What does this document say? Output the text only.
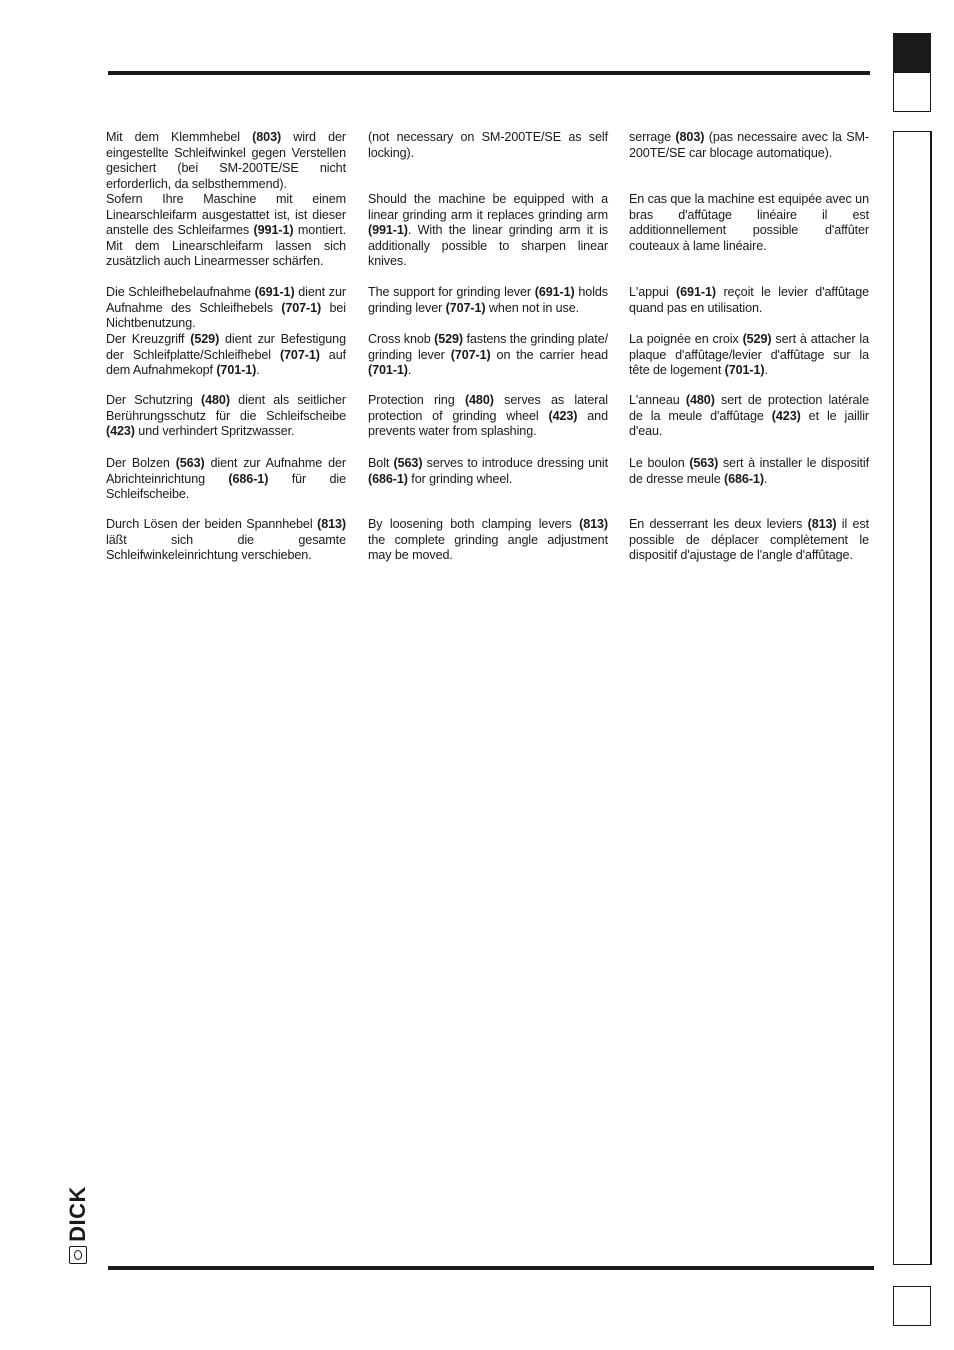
Mit dem Klemmhebel (803) wird der eingestellte Schleifwinkel gegen Verstellen gesichert (bei SM-200TE/SE nicht erforderlich, da selbsthemmend).

Sofern Ihre Maschine mit einem Linearschleifarm ausgestattet ist, ist dieser anstelle des Schleifarmes (991-1) montiert. Mit dem Linearschleifarm lassen sich zusätzlich auch Linearmesser schärfen.

Die Schleifhebelaufnahme (691-1) dient zur Aufnahme des Schleifhebels (707-1) bei Nichtbenutzung.

Der Kreuzgriff (529) dient zur Befestigung der Schleifplatte/Schleifhebel (707-1) auf dem Aufnahmekopf (701-1).

Der Schutzring (480) dient als seitlicher Berührungsschutz für die Schleifscheibe (423) und verhindert Spritzwasser.

Der Bolzen (563) dient zur Aufnahme der Abrichteinrichtung (686-1) für die Schleifscheibe.

Durch Lösen der beiden Spannhebel (813) läßt sich die gesamte Schleifwinkeleinrichtung verschieben.

(not necessary on SM-200TE/SE as self locking).

Should the machine be equipped with a linear grinding arm it replaces grinding arm (991-1). With the linear grinding arm it is additionally possible to sharpen linear knives.

The support for grinding lever (691-1) holds grinding lever (707-1) when not in use.

Cross knob (529) fastens the grinding plate/ grinding lever (707-1) on the carrier head (701-1).

Protection ring (480) serves as lateral protection of grinding wheel (423) and prevents water from splashing.

Bolt (563) serves to introduce dressing unit (686-1) for grinding wheel.

By loosening both clamping levers (813) the complete grinding angle adjustment may be moved.

serrage (803) (pas necessaire avec la SM-200TE/SE car blocage automatique).

En cas que la machine est equipée avec un bras d'affûtage linéaire il est additionnellement possible d'affûter couteaux à lame linéaire.

L'appui (691-1) reçoit le levier d'affûtage quand pas en utilisation.

La poignée en croix (529) sert à attacher la plaque d'affûtage/levier d'affûtage sur la tête de logement (701-1).

L'anneau (480) sert de protection latérale de la meule d'affûtage (423) et le jaillir d'eau.

Le boulon (563) sert à installer le dispositif de dresse meule (686-1).

En desserrant les deux leviers (813) il est possible de déplacer complètement le dispositif d'ajustage de l'angle d'affûtage.

DICK
